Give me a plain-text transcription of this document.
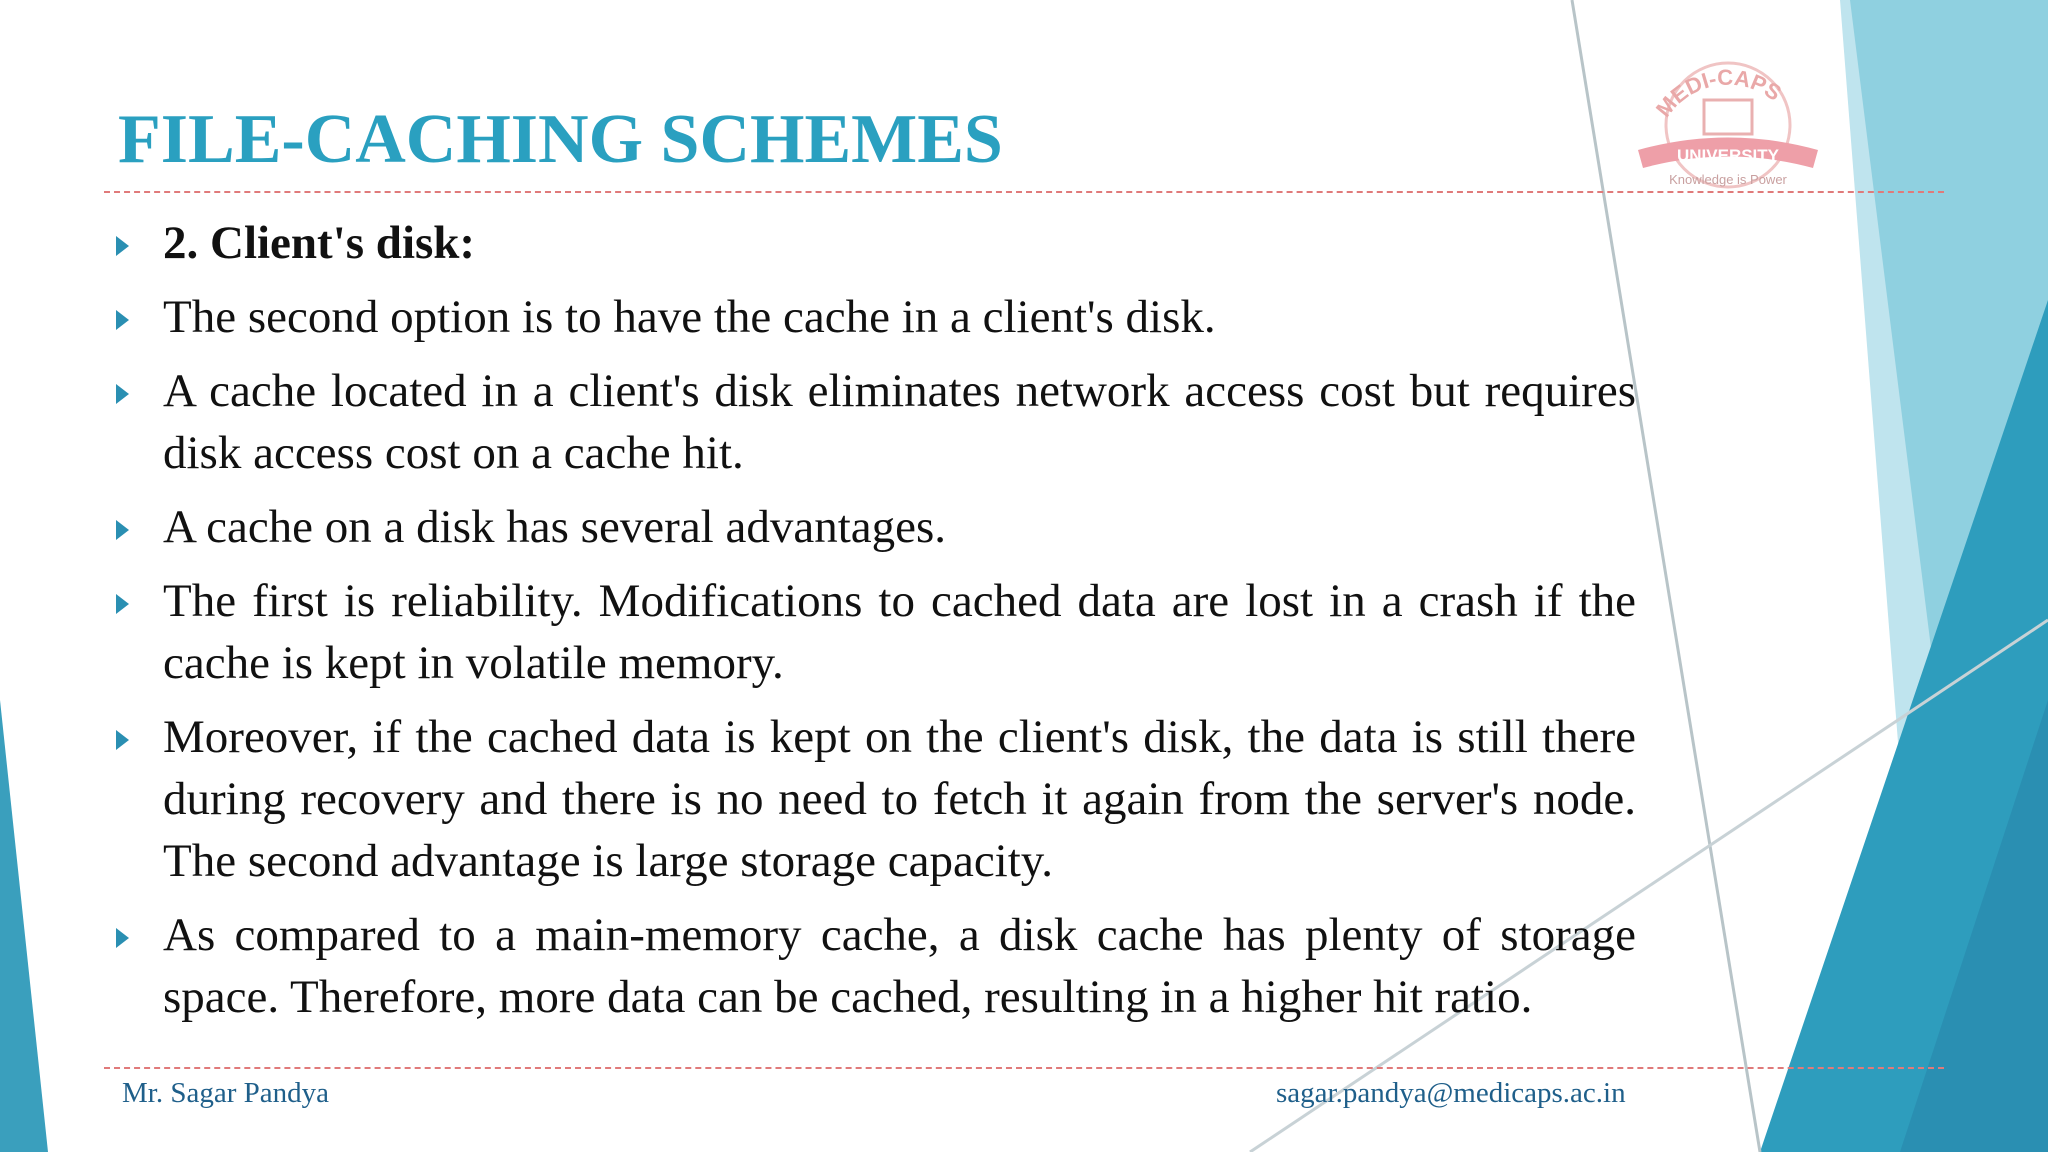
MEDI-CAPS
UNIVERSITY
Knowledge is Power
FILE-CACHING SCHEMES
2. Client's disk:
The second option is to have the cache in a client's disk.
A cache located in a client's disk eliminates network access cost but requires disk access cost on a cache hit.
A cache on a disk has several advantages.
The first is reliability. Modifications to cached data are lost in a crash if the cache is kept in volatile memory.
Moreover, if the cached data is kept on the client's disk, the data is still there during recovery and there is no need to fetch it again from the server's node. The second advantage is large storage capacity.
As compared to a main-memory cache, a disk cache has plenty of storage space. Therefore, more data can be cached, resulting in a higher hit ratio.
Mr. Sagar Pandya	sagar.pandya@medicaps.ac.in
